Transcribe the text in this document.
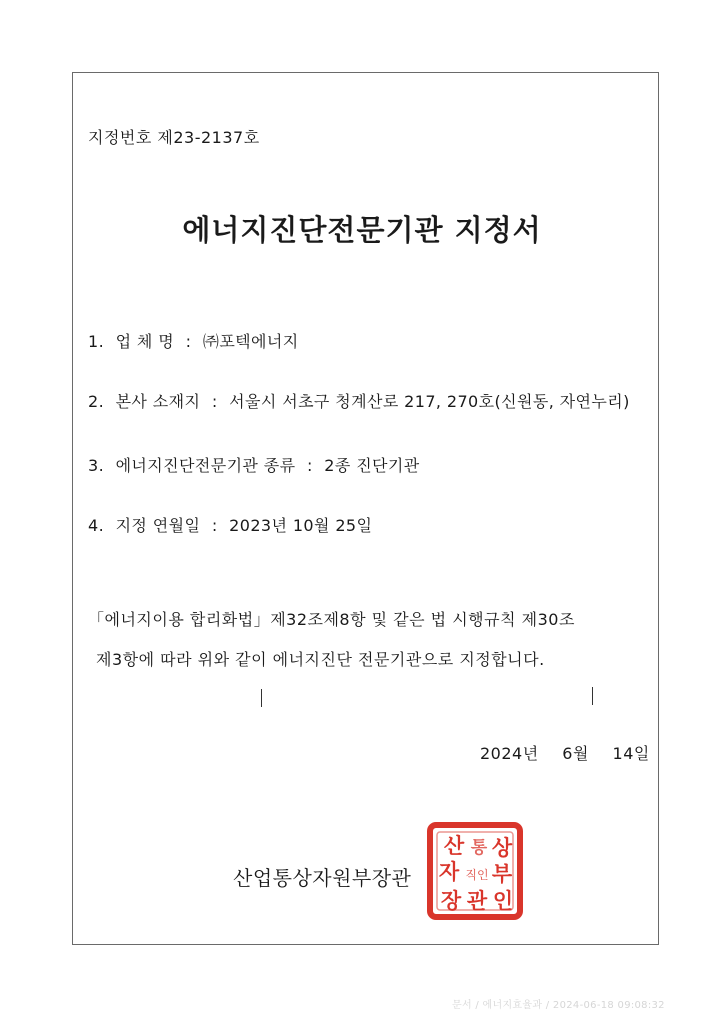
지정번호 제23-2137호
에너지진단전문기관 지정서
1. 업 체 명 : ㈜포텍에너지
2. 본사 소재지 : 서울시 서초구 청계산로 217, 270호(신원동, 자연누리)
3. 에너지진단전문기관 종류 : 2종 진단기관
4. 지정 연월일 : 2023년 10월 25일
「에너지이용 합리화법」제32조제8항 및 같은 법 시행규칙 제30조
제3항에 따라 위와 같이 에너지진단 전문기관으로 지정합니다.
2024년 6월 14일
산업통상자원부장관
산 통 상
자 부
장 관 인
직인
문서 / 에너지효율과 / 2024-06-18 09:08:32
